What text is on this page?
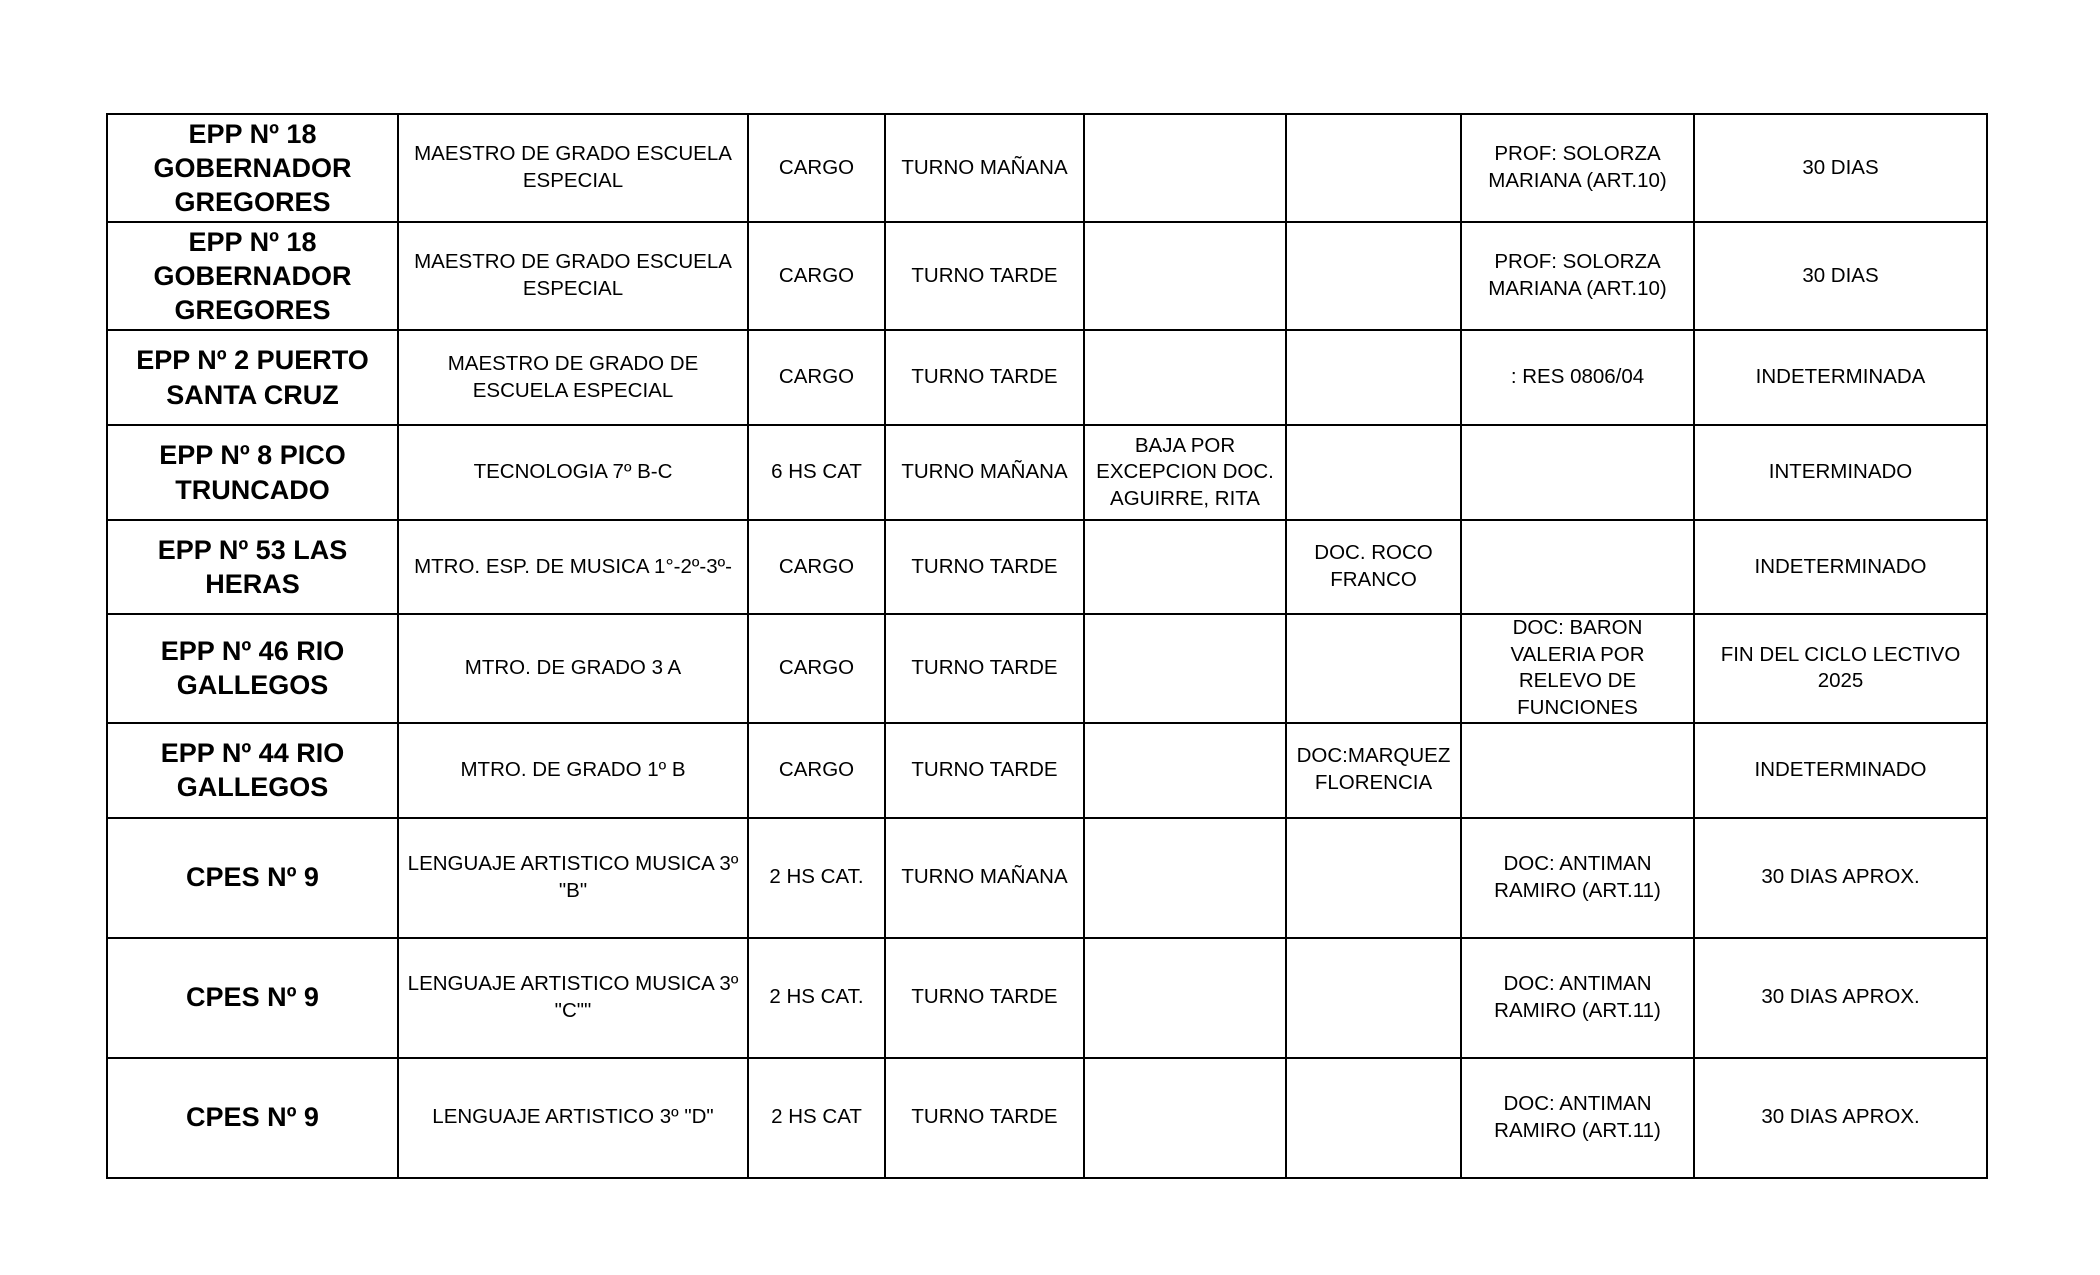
EPP Nº 18 GOBERNADOR GREGORES	MAESTRO DE GRADO ESCUELA ESPECIAL	CARGO	TURNO MAÑANA			PROF: SOLORZA MARIANA (ART.10)	30 DIAS
EPP Nº 18 GOBERNADOR GREGORES	MAESTRO DE GRADO ESCUELA ESPECIAL	CARGO	TURNO TARDE			PROF: SOLORZA MARIANA (ART.10)	30 DIAS
EPP Nº 2 PUERTO SANTA CRUZ	MAESTRO DE GRADO DE ESCUELA ESPECIAL	CARGO	TURNO TARDE			: RES 0806/04	INDETERMINADA
EPP Nº 8 PICO TRUNCADO	TECNOLOGIA 7º B-C	6 HS CAT	TURNO MAÑANA	BAJA POR EXCEPCION DOC. AGUIRRE, RITA			INTERMINADO
EPP Nº 53 LAS HERAS	MTRO. ESP. DE MUSICA 1°-2º-3º-	CARGO	TURNO TARDE		DOC. ROCO FRANCO		INDETERMINADO
EPP Nº 46 RIO GALLEGOS	MTRO. DE GRADO 3 A	CARGO	TURNO TARDE			DOC: BARON VALERIA POR RELEVO DE FUNCIONES	FIN DEL CICLO LECTIVO 2025
EPP Nº 44 RIO GALLEGOS	MTRO. DE GRADO 1º B	CARGO	TURNO TARDE		DOC:MARQUEZ FLORENCIA		INDETERMINADO
CPES Nº 9	LENGUAJE ARTISTICO MUSICA 3º "B"	2 HS CAT.	TURNO MAÑANA			DOC: ANTIMAN RAMIRO (ART.11)	30 DIAS APROX.
CPES Nº 9	LENGUAJE ARTISTICO MUSICA 3º "C""	2 HS CAT.	TURNO TARDE			DOC: ANTIMAN RAMIRO (ART.11)	30 DIAS APROX.
CPES Nº 9	LENGUAJE ARTISTICO 3º "D"	2 HS CAT	TURNO TARDE			DOC: ANTIMAN RAMIRO (ART.11)	30 DIAS APROX.
